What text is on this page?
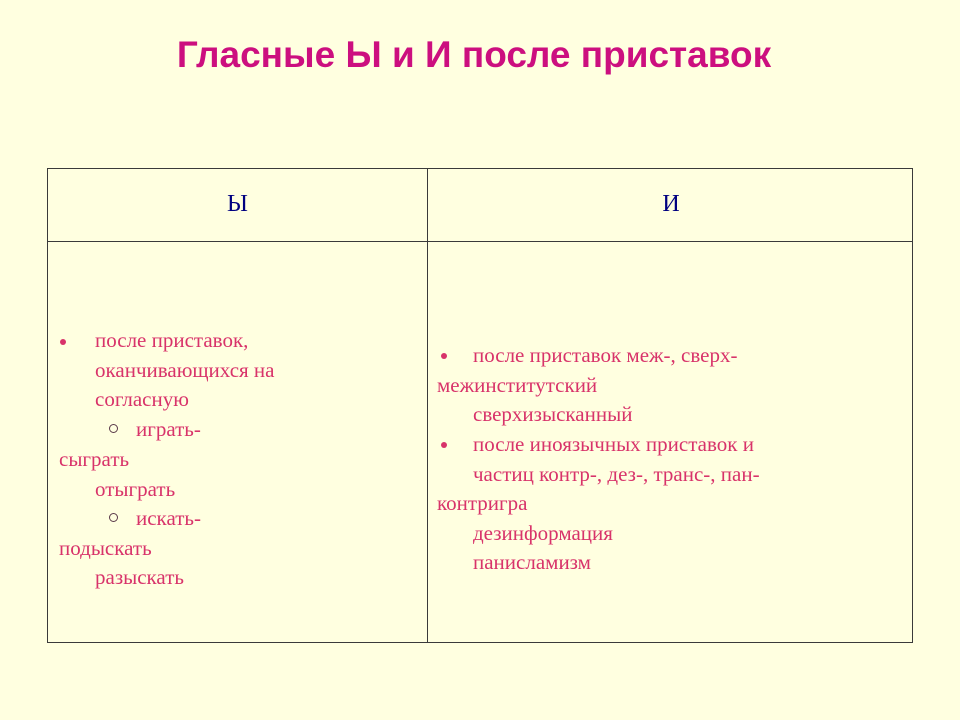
Гласные Ы и И после приставок
Ы	И
после приставок,
оканчивающихся на
согласную
играть-
сыграть
отыграть
искать-
подыскать
разыскать
после приставок меж-, сверх-
межинститутский
сверхизысканный
после иноязычных приставок и
частиц контр-, дез-, транс-, пан-
контригра
дезинформация
панисламизм
